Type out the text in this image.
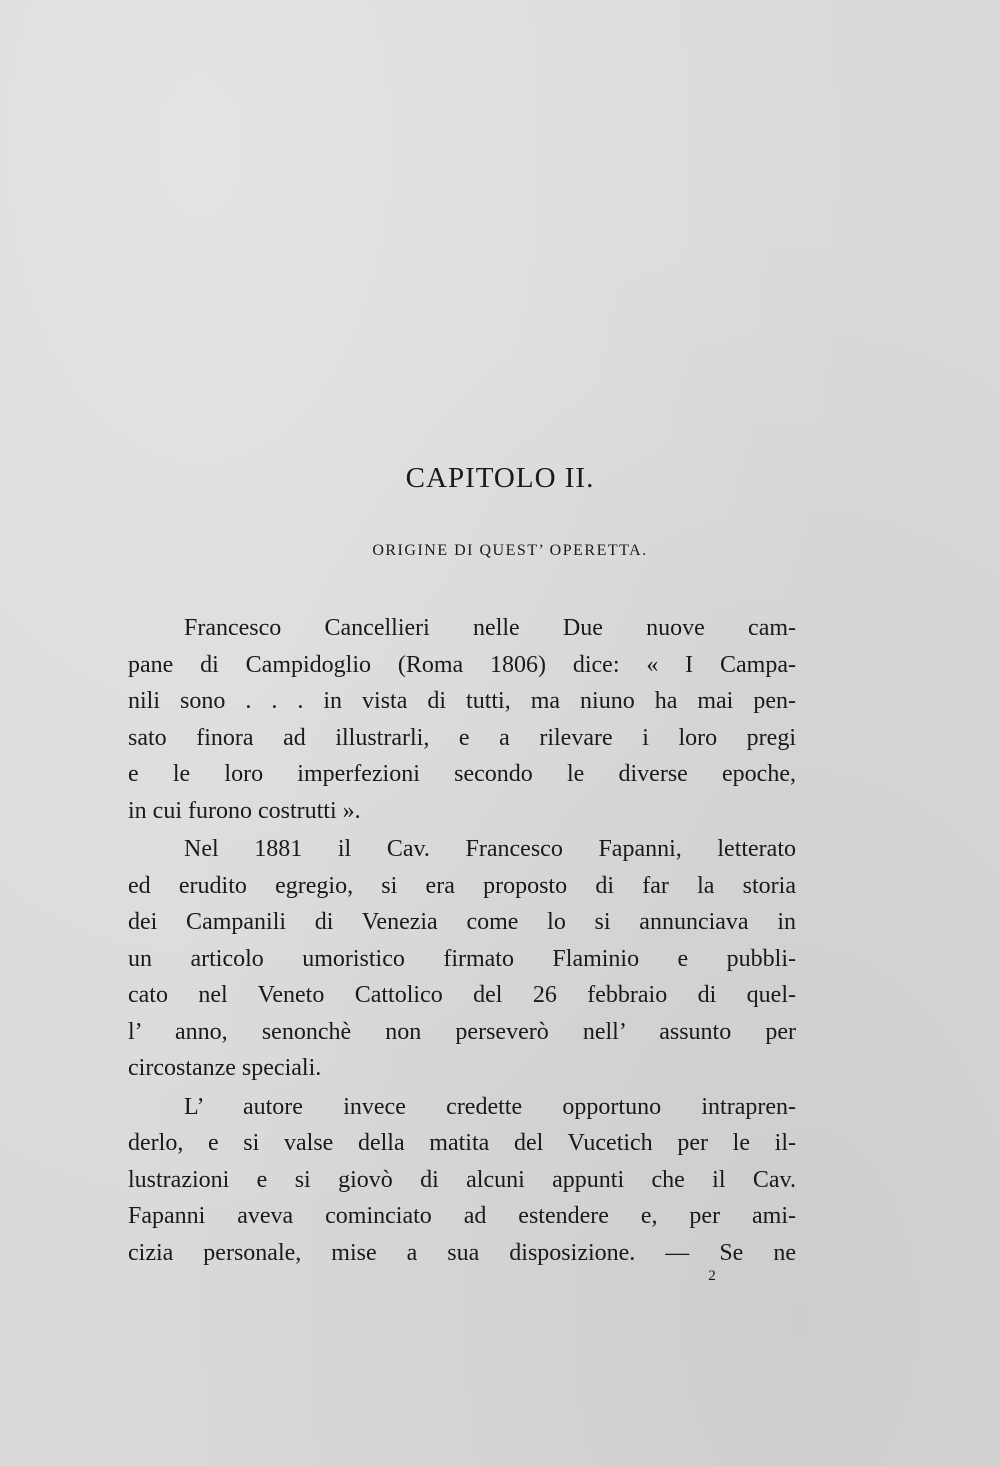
CAPITOLO II.
ORIGINE DI QUEST’ OPERETTA.
Francesco Cancellieri nelle Due nuove cam-
pane di Campidoglio (Roma 1806) dice: « I Campa-
nili sono . . . in vista di tutti, ma niuno ha mai pen-
sato finora ad illustrarli, e a rilevare i loro pregi
e le loro imperfezioni secondo le diverse epoche,
in cui furono costrutti ».
Nel 1881 il Cav. Francesco Fapanni, letterato
ed erudito egregio, si era proposto di far la storia
dei Campanili di Venezia come lo si annunciava in
un articolo umoristico firmato Flaminio e pubbli-
cato nel Veneto Cattolico del 26 febbraio di quel-
l’ anno, senonchè non perseverò nell’ assunto per
circostanze speciali.
L’ autore invece credette opportuno intrapren-
derlo, e si valse della matita del Vucetich per le il-
lustrazioni e si giovò di alcuni appunti che il Cav.
Fapanni aveva cominciato ad estendere e, per ami-
cizia personale, mise a sua disposizione. — Se ne
2
